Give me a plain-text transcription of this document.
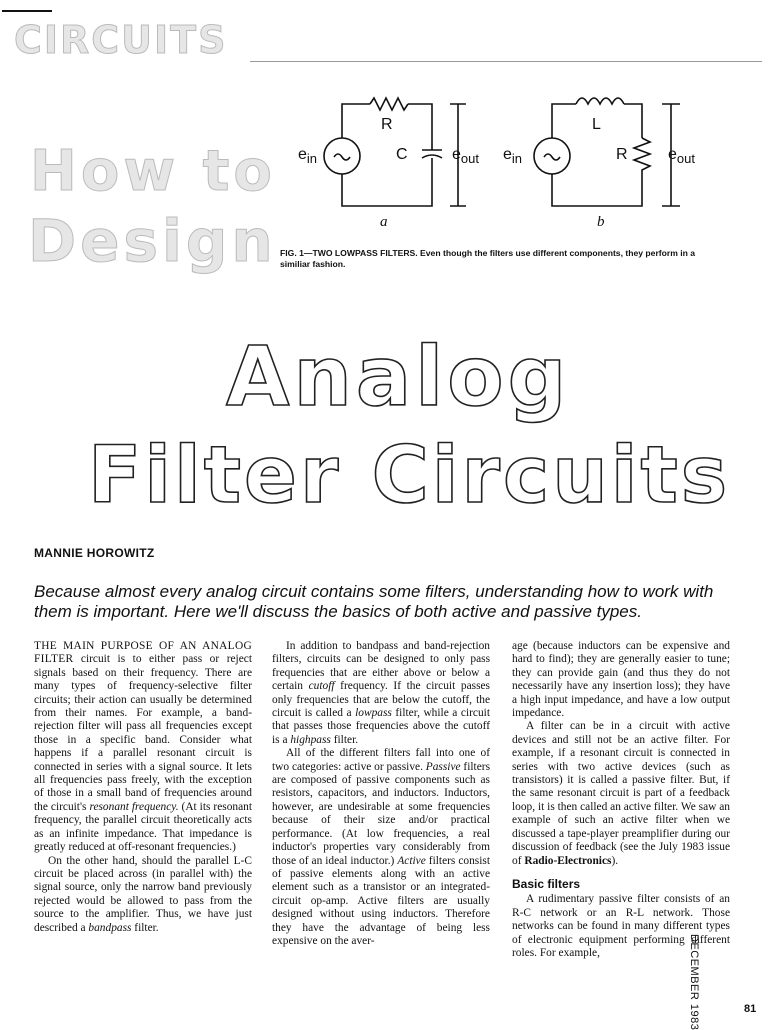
CIRCUITS
How to
Design
R
C
$e_{in}$	$e_{out}$
a
L
R
$e_{in}$	$e_{out}$
b
FIG. 1—TWO LOWPASS FILTERS. Even though the filters use different components, they perform in a similiar fashion.
Analog
Filter Circuits
MANNIE HOROWITZ
Because almost every analog circuit contains some filters, understanding how to work with them is important. Here we'll discuss the basics of both active and passive types.

THE MAIN PURPOSE OF AN ANALOG FILTER circuit is to either pass or reject signals based on their frequency. There are many types of frequency-selective filter circuits; their action can usually be determined from their names. For example, a band-rejection filter will pass all frequencies except those in a specific band. Consider what happens if a parallel resonant circuit is connected in series with a signal source. It lets all frequencies pass freely, with the exception of those in a small band of frequencies around the circuit's resonant frequency. (At its resonant frequency, the parallel circuit theoretically acts as an infinite impedance. That impedance is greatly reduced at off-resonant frequencies.)

On the other hand, should the parallel L-C circuit be placed across (in parallel with) the signal source, only the narrow band previously rejected would be allowed to pass from the source to the amplifier. Thus, we have just described a bandpass filter.

In addition to bandpass and band-rejection filters, circuits can be designed to only pass frequencies that are either above or below a certain cutoff frequency. If the circuit passes only frequencies that are below the cutoff, the circuit is called a lowpass filter, while a circuit that passes those frequencies above the cutoff is a highpass filter.

All of the different filters fall into one of two categories: active or passive. Passive filters are composed of passive components such as resistors, capacitors, and inductors. Inductors, however, are undesirable at some frequencies because of their size and/or practical performance. (At low frequencies, a real inductor's properties vary considerably from those of an ideal inductor.) Active filters consist of passive elements along with an active element such as a transistor or an integrated-circuit op-amp. Active filters are usually designed without using inductors. Therefore they have the advantage of being less expensive on the aver-

age (because inductors can be expensive and hard to find); they are generally easier to tune; they can provide gain (and thus they do not necessarily have any insertion loss); they have a high input impedance, and have a low output impedance.

A filter can be in a circuit with active devices and still not be an active filter. For example, if a resonant circuit is connected in series with two active devices (such as transistors) it is called a passive filter. But, if the same resonant circuit is part of a feedback loop, it is then called an active filter. We saw an example of such an active filter when we discussed a tape-player preamplifier during our discussion of feedback (see the July 1983 issue of Radio-Electronics).

Basic filters

A rudimentary passive filter consists of an R-C network or an R-L network. Those networks can be found in many different types of electronic equipment performing different roles. For example,	DECEMBER 1983	81
